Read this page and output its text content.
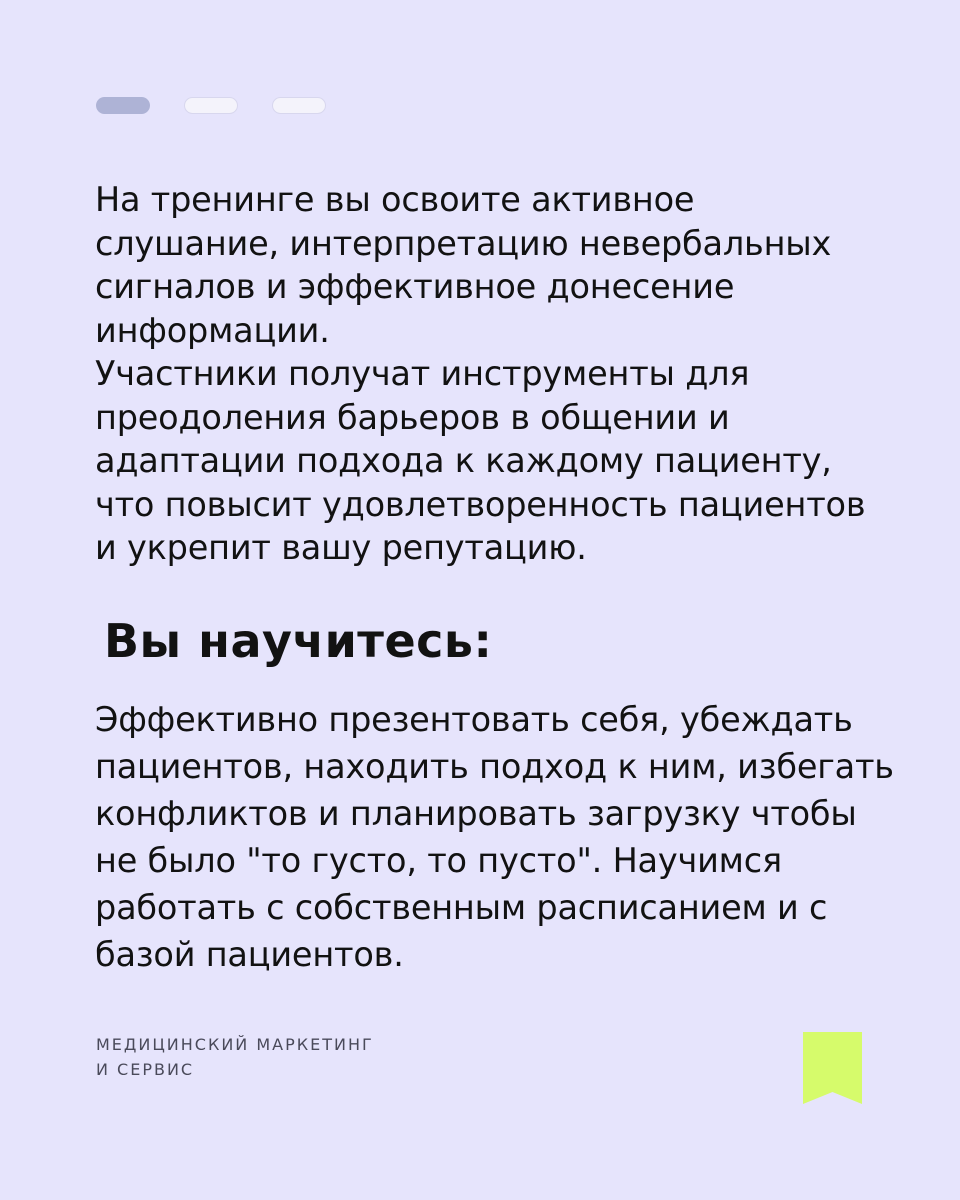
На тренинге вы освоите активное слушание, интерпретацию невербальных сигналов и эффективное донесение информации.

Участники получат инструменты для преодоления барьеров в общении и адаптации подхода к каждому пациенту, что повысит удовлетворенность пациентов и укрепит вашу репутацию.

Вы научитесь:

Эффективно презентовать себя, убеждать пациентов, находить подход к ним, избегать конфликтов и планировать загрузку чтобы не было "то густо, то пусто". Научимся работать с собственным расписанием и с базой пациентов.

МЕДИЦИНСКИЙ МАРКЕТИНГ
И СЕРВИС
